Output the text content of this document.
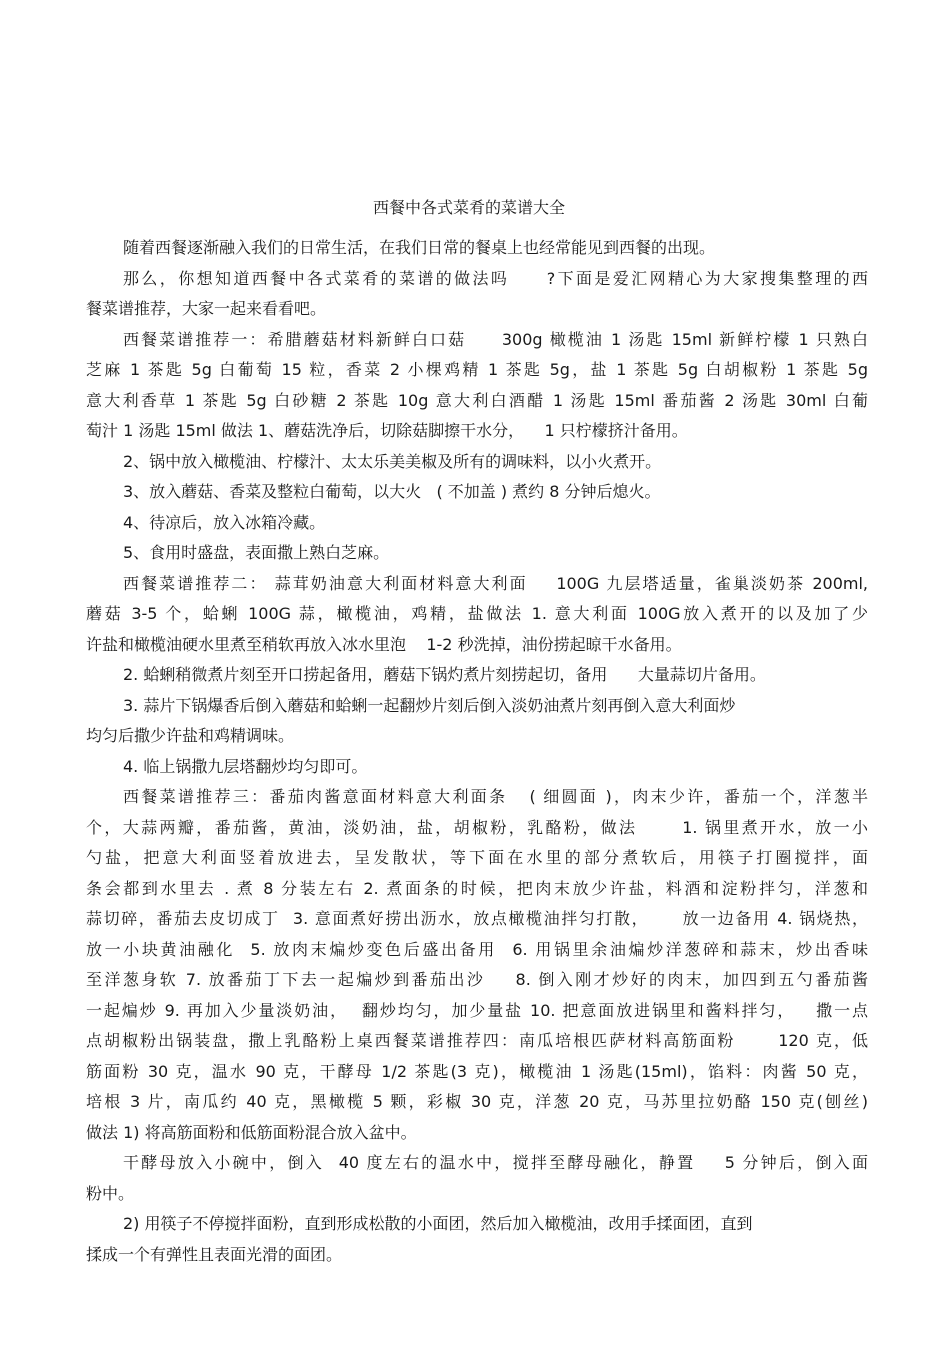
西餐中各式菜肴的菜谱大全
随着西餐逐渐融入我们的日常生活，在我们日常的餐桌上也经常能见到西餐的出现。
那么，你想知道西餐中各式菜肴的菜谱的做法吗     ?下面是爱汇网精心为大家搜集整理的西
餐菜谱推荐，大家一起来看看吧。
西餐菜谱推荐一：希腊蘑菇材料新鲜白口菇     300g 橄榄油 1 汤匙 15ml 新鲜柠檬 1 只熟白
芝麻 1 茶匙 5g 白葡萄 15 粒，香菜 2 小棵鸡精 1 茶匙 5g，盐 1 茶匙 5g 白胡椒粉 1 茶匙 5g
意大利香草 1 茶匙 5g 白砂糖 2 茶匙 10g 意大利白酒醋 1 汤匙 15ml 番茄酱 2 汤匙 30ml 白葡
萄汁 1 汤匙 15ml 做法 1、蘑菇洗净后，切除菇脚擦干水分，    1 只柠檬挤汁备用。
2、锅中放入橄榄油、柠檬汁、太太乐美美椒及所有的调味料，以小火煮开。
3、放入蘑菇、香菜及整粒白葡萄，以大火   ( 不加盖 ) 煮约 8 分钟后熄火。
4、待凉后，放入冰箱冷藏。
5、食用时盛盘，表面撒上熟白芝麻。
西餐菜谱推荐二： 蒜茸奶油意大利面材料意大利面    100G 九层塔适量，雀巢淡奶茶 200ml,
蘑菇 3-5 个，蛤蜊 100G 蒜，橄榄油，鸡精，盐做法 1. 意大利面 100G放入煮开的以及加了少
许盐和橄榄油硬水里煮至稍软再放入冰水里泡    1-2 秒洗掉，油份捞起晾干水备用。
2. 蛤蜊稍微煮片刻至开口捞起备用，蘑菇下锅灼煮片刻捞起切，备用      大量蒜切片备用。
3. 蒜片下锅爆香后倒入蘑菇和蛤蜊一起翻炒片刻后倒入淡奶油煮片刻再倒入意大利面炒
均匀后撒少许盐和鸡精调味。
4. 临上锅撒九层塔翻炒均匀即可。
西餐菜谱推荐三：番茄肉酱意面材料意大利面条   ( 细圆面 )，肉末少许，番茄一个，洋葱半
个，大蒜两瓣，番茄酱，黄油，淡奶油，盐，胡椒粉，乳酪粉，做法      1. 锅里煮开水，放一小
勺盐，把意大利面竖着放进去，呈发散状，等下面在水里的部分煮软后，用筷子打圈搅拌，面
条会都到水里去 . 煮 8 分装左右 2. 煮面条的时候，把肉末放少许盐，料酒和淀粉拌匀，洋葱和
蒜切碎，番茄去皮切成丁  3. 意面煮好捞出沥水，放点橄榄油拌匀打散，     放一边备用 4. 锅烧热，
放一小块黄油融化  5. 放肉末煸炒变色后盛出备用  6. 用锅里余油煸炒洋葱碎和蒜末，炒出香味
至洋葱身软 7. 放番茄丁下去一起煸炒到番茄出沙    8. 倒入刚才炒好的肉末，加四到五勺番茄酱
一起煸炒 9. 再加入少量淡奶油，  翻炒均匀，加少量盐 10. 把意面放进锅里和酱料拌匀，   撒一点
点胡椒粉出锅装盘，撒上乳酪粉上桌西餐菜谱推荐四：南瓜培根匹萨材料高筋面粉      120 克，低
筋面粉 30 克，温水 90 克，干酵母 1/2 茶匙(3 克)，橄榄油 1 汤匙(15ml)，馅料：肉酱 50 克，
培根 3 片，南瓜约 40 克，黑橄榄 5 颗，彩椒 30 克，洋葱 20 克，马苏里拉奶酪 150 克(刨丝)
做法 1) 将高筋面粉和低筋面粉混合放入盆中。
干酵母放入小碗中，倒入  40 度左右的温水中，搅拌至酵母融化，静置    5 分钟后，倒入面
粉中。
2) 用筷子不停搅拌面粉，直到形成松散的小面团，然后加入橄榄油，改用手揉面团，直到
揉成一个有弹性且表面光滑的面团。
